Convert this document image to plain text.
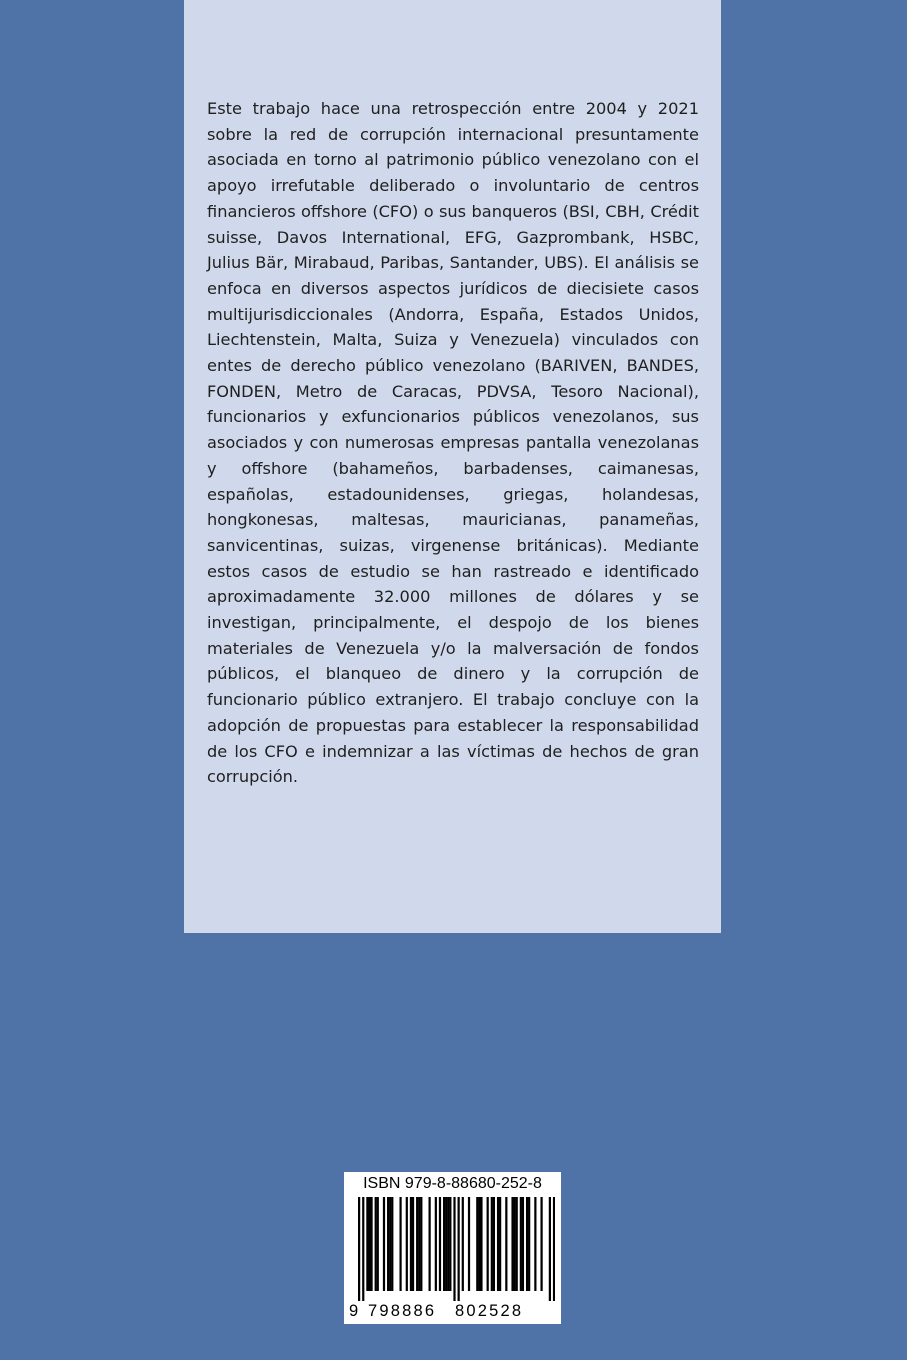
Este trabajo hace una retrospección entre 2004 y 2021 sobre la red de corrupción internacional presuntamente asociada en torno al patrimonio público venezolano con el apoyo irrefutable deliberado o involuntario de centros financieros offshore (CFO) o sus banqueros (BSI, CBH, Crédit suisse, Davos International, EFG, Gazprombank, HSBC, Julius Bär, Mirabaud, Paribas, Santander, UBS). El análisis se enfoca en diversos aspectos jurídicos de diecisiete casos multijurisdiccionales (Andorra, España, Estados Unidos, Liechtenstein, Malta, Suiza y Venezuela) vinculados con entes de derecho público venezolano (BARIVEN, BANDES, FONDEN, Metro de Caracas, PDVSA, Tesoro Nacional), funcionarios y exfuncionarios públicos venezolanos, sus asociados y con numerosas empresas pantalla venezolanas y offshore (bahameños, barbadenses, caimanesas, españolas, estadounidenses, griegas, holandesas, hongkonesas, maltesas, mauricianas, panameñas, sanvicentinas, suizas, virgenense británicas). Mediante estos casos de estudio se han rastreado e identificado aproximadamente 32.000 millones de dólares y se investigan, principalmente, el despojo de los bienes materiales de Venezuela y/o la malversación de fondos públicos, el blanqueo de dinero y la corrupción de funcionario público extranjero. El trabajo concluye con la adopción de propuestas para establecer la responsabilidad de los CFO e indemnizar a las víctimas de hechos de gran corrupción.

ISBN 979-8-88680-252-8
9 798886 802528
